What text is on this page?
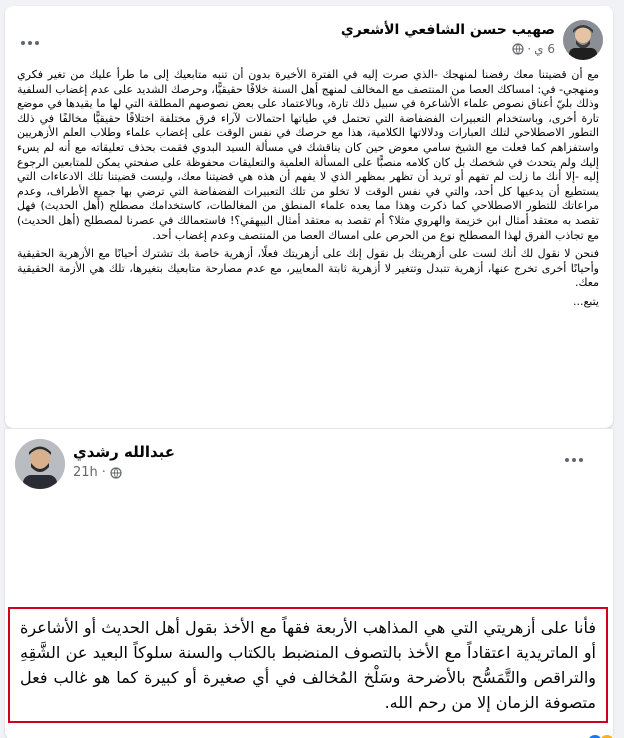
صهيب حسن الشافعي الأشعري
6 ي
·

مع أن قضيتنا معك رفضنا لمنهجك -الذي صرت إليه في الفترة الأخيرة بدون أن تنبه متابعيك إلى ما طرأ عليك من تغير فكري ومنهجي- في: امساكك العصا من المنتصف مع المخالف لمنهج أهل السنة خلافًا حقيقيًّا، وحرصك الشديد على عدم إغضاب السلفية وذلك بليّ أعناق نصوص علماء الأشاعرة في سبيل ذلك تارة، وبالاعتماد على بعض نصوصهم المطلقة التي لها ما يقيدها في موضع تارة أخرى، وباستخدام التعبيرات الفضفاضة التي تحتمل في طياتها احتمالات لآراء فرق مختلفة اختلافًا حقيقيًّا مخالفًا في ذلك التطور الاصطلاحي لتلك العبارات ودلالاتها الكلامية، هذا مع حرصك في نفس الوقت على إغضاب علماء وطلاب العلم الأزهريين واستفزاهم كما فعلت مع الشيخ سامي معوض حين كان يناقشك في مسألة السيد البدوي فقمت بحذف تعليقاته مع أنه لم يسء إليك ولم يتحدث في شخصك بل كان كلامه منصبًّا على المسألة العلمية والتعليقات محفوظة على صفحتي يمكن للمتابعين الرجوع إليه -إلا أنك ما زلت لم تفهم أو تريد أن تظهر بمظهر الذي لا يفهم أن هذه هي قضيتنا معك، وليست قضيتنا تلك الادعاءات التي يستطيع أن يدعيها كل أحد، والتي في نفس الوقت لا تخلو من تلك التعبيرات الفضفاضة التي ترضي بها جميع الأطراف، وعدم مراعاتك للتطور الاصطلاحي كما ذكرت وهذا مما يعده علماء المنطق من المغالطات، كاستخدامك مصطلح (أهل الحديث) فهل تقصد به معتقد أمثال ابن خزيمة والهروي مثلا؟ أم تقصد به معتقد أمثال البيهقي؟! فاستعمالك في عصرنا لمصطلح (أهل الحديث) مع تجاذب الفرق لهذا المصطلح نوع من الحرص على امساك العصا من المنتصف وعدم إغضاب أحد.

فنحن لا نقول لك أنك لست على أزهريتك بل نقول إنك على أزهريتك فعلًا، أزهرية خاصة بك تشترك أحيانًا مع الأزهرية الحقيقية وأحيانًا أخرى تخرج عنها، أزهرية تتبدل وتتغير لا أزهرية ثابتة المعايير، مع عدم مصارحة متابعيك بتغيرها، تلك هي الأزمة الحقيقية معك.

يتبع...

عبدالله رشدي
21h ·
فأنا على أزهريتي التي هي المذاهب الأربعة فقهاً مع الأخذ بقول أهل الحديث أو الأشاعرة أو الماتريدية اعتقاداً مع الأخذ بالتصوف المنضبط بالكتاب والسنة سلوكاً البعيد عن الشَّقِهِ والتراقص والتَّمَسُّح بالأضرحة وسَلْخ المُخالف في أي صغيرة أو كبيرة كما هو غالب فعل متصوفة الزمان إلا من رحم الله.
